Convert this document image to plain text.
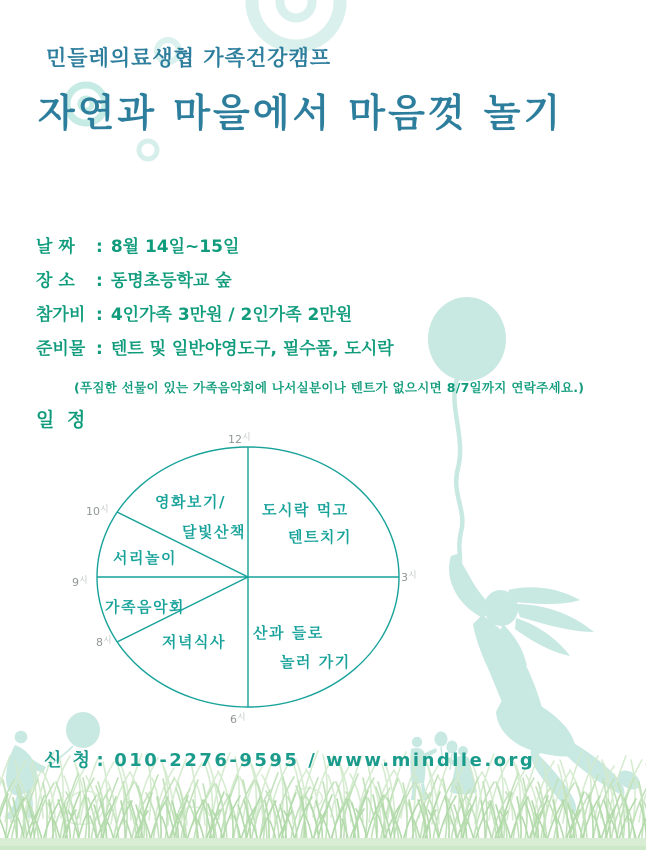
민들레의료생협 가족건강캠프
자연과 마을에서 마음껏 놀기
날 짜 : 8월 14일~15일
장 소 : 동명초등학교 숲
참가비 : 4인가족 3만원 / 2인가족 2만원
준비물 : 텐트 및 일반야영도구, 필수품, 도시락
(푸짐한 선물이 있는 가족음악회에 나서실분이나 텐트가 없으시면 8/7일까지 연락주세요.)
일 정
$12^시$
$3^시$
$6^시$
$8^시$
$9^시$
$10^시$	영화보기/
달빛산책
도시락 먹고
텐트치기
서리놀이
가족음악회
저녁식사 산과 들로
놀러 가기
신 청 : 010-2276-9595 / www.mindlle.org
